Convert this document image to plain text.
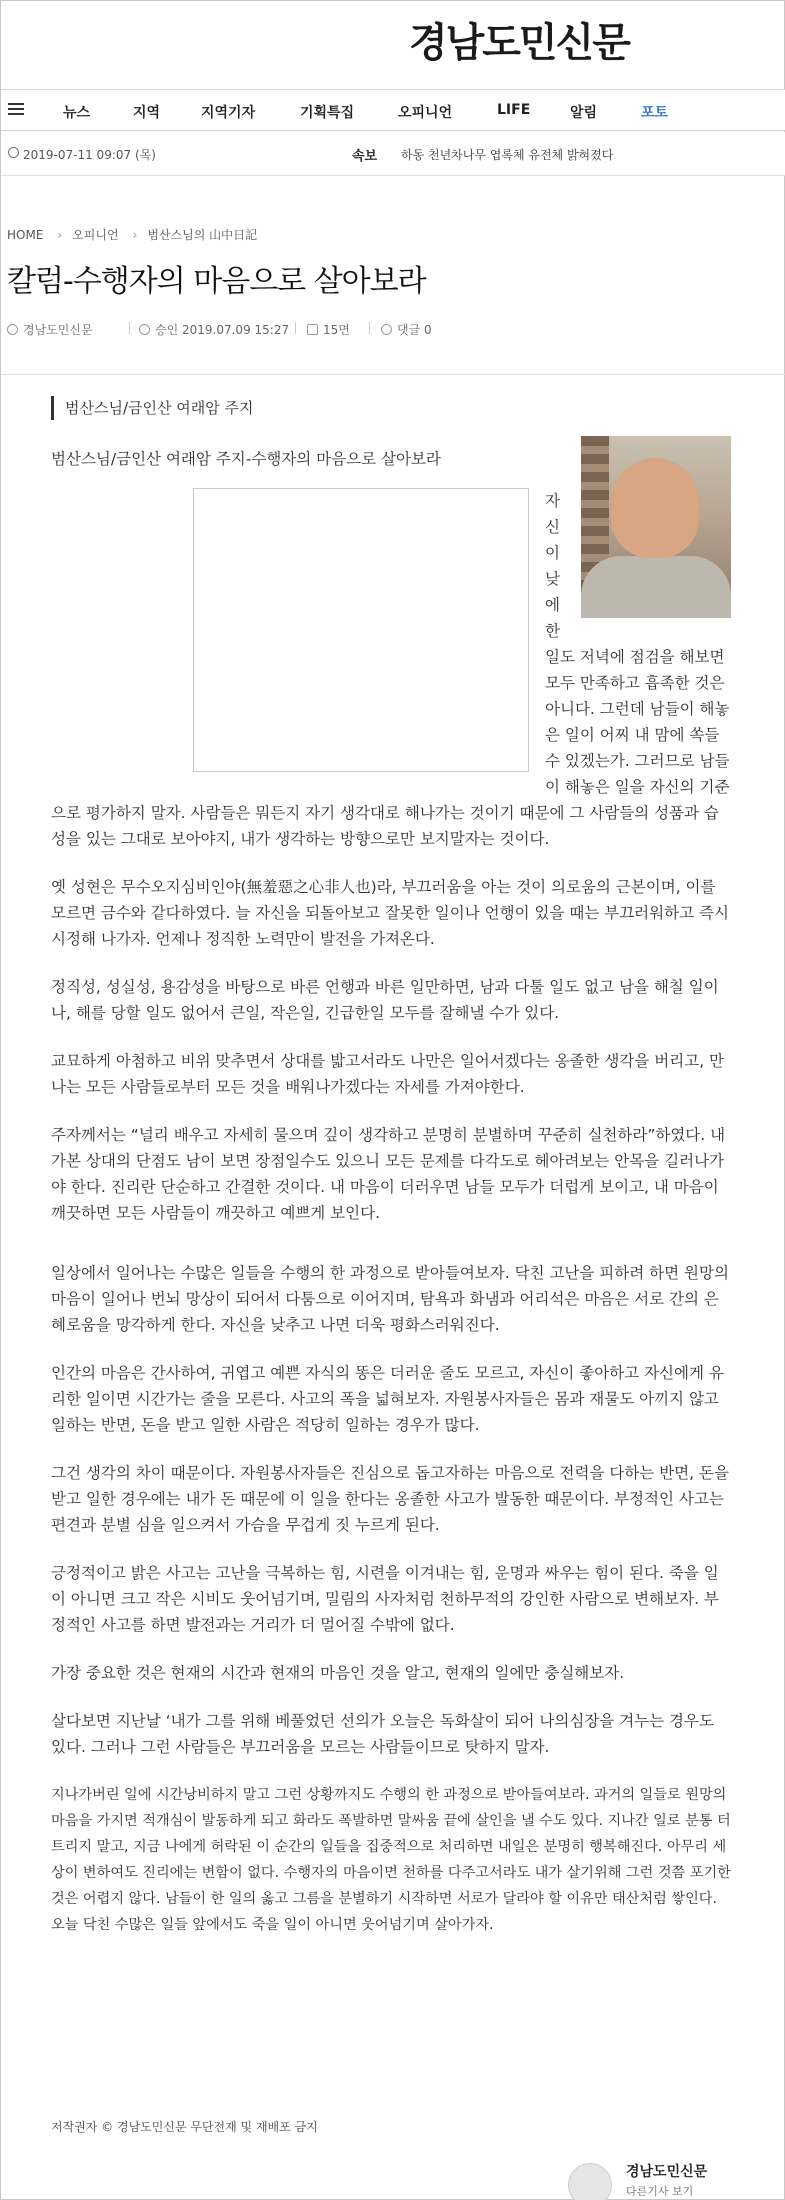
경남도민신문
뉴스	지역	지역기자	기획특집	오피니언	LIFE	알림	포토
2019-07-11 09:07 (목)	속보 하동 천년차나무 엽록체 유전체 밝혀졌다
HOME › 오피니언 › 범산스님의 山中日記
칼럼-수행자의 마음으로 살아보라
경남도민신문	승인 2019.07.09 15:27	15면	댓글 0
범산스님/금인산 여래암 주지
범산스님/금인산 여래암 주지-수행자의 마음으로 살아보라
자신이 낮에 한일도 저녁에 점검을 해보면 모두 만족하고 흡족한 것은 아니다. 그런데 남들이 해놓은 일이 어찌 내 맘에 쏙들 수 있겠는가. 그러므로 남들이 해놓은 일을 자신의 기준으로 평가하지 말자. 사람들은 뭐든지 자기 생각대로 해나가는 것이기 때문에 그 사람들의 성품과 습성을 있는 그대로 보아야지, 내가 생각하는 방향으로만 보지말자는 것이다.

옛 성현은 무수오지심비인야(無羞惡之心非人也)라, 부끄러움을 아는 것이 의로움의 근본이며, 이를 모르면 금수와 같다하였다. 늘 자신을 되돌아보고 잘못한 일이나 언행이 있을 때는 부끄러워하고 즉시 시정해 나가자. 언제나 정직한 노력만이 발전을 가져온다.

정직성, 성실성, 용감성을 바탕으로 바른 언행과 바른 일만하면, 남과 다툴 일도 없고 남을 해칠 일이나, 해를 당할 일도 없어서 큰일, 작은일, 긴급한일 모두를 잘해낼 수가 있다.

교묘하게 아첨하고 비위 맞추면서 상대를 밟고서라도 나만은 일어서겠다는 옹졸한 생각을 버리고, 만나는 모든 사람들로부터 모든 것을 배워나가겠다는 자세를 가져야한다.

주자께서는 “널리 배우고 자세히 물으며 깊이 생각하고 분명히 분별하며 꾸준히 실천하라”하였다. 내가본 상대의 단점도 남이 보면 장점일수도 있으니 모든 문제를 다각도로 헤아려보는 안목을 길러나가야 한다. 진리란 단순하고 간결한 것이다. 내 마음이 더러우면 남들 모두가 더럽게 보이고, 내 마음이 깨끗하면 모든 사람들이 깨끗하고 예쁘게 보인다.

일상에서 일어나는 수많은 일들을 수행의 한 과정으로 받아들여보자. 닥친 고난을 피하려 하면 원망의 마음이 일어나 번뇌 망상이 되어서 다툼으로 이어지며, 탐욕과 화냄과 어리석은 마음은 서로 간의 은혜로움을 망각하게 한다. 자신을 낮추고 나면 더욱 평화스러워진다.

인간의 마음은 간사하여, 귀엽고 예쁜 자식의 똥은 더러운 줄도 모르고, 자신이 좋아하고 자신에게 유리한 일이면 시간가는 줄을 모른다. 사고의 폭을 넓혀보자. 자원봉사자들은 몸과 재물도 아끼지 않고 일하는 반면, 돈을 받고 일한 사람은 적당히 일하는 경우가 많다.

그건 생각의 차이 때문이다. 자원봉사자들은 진심으로 돕고자하는 마음으로 전력을 다하는 반면, 돈을 받고 일한 경우에는 내가 돈 때문에 이 일을 한다는 옹졸한 사고가 발동한 때문이다. 부정적인 사고는 편견과 분별 심을 일으켜서 가슴을 무겁게 짓 누르게 된다.

긍정적이고 밝은 사고는 고난을 극복하는 힘, 시련을 이겨내는 힘, 운명과 싸우는 힘이 된다. 죽을 일이 아니면 크고 작은 시비도 웃어넘기며, 밀림의 사자처럼 천하무적의 강인한 사람으로 변해보자. 부정적인 사고를 하면 발전과는 거리가 더 멀어질 수밖에 없다.

가장 중요한 것은 현재의 시간과 현재의 마음인 것을 알고, 현재의 일에만 충실해보자.

살다보면 지난날 ‘내가 그를 위해 베풀었던 선의가 오늘은 독화살이 되어 나의심장을 겨누는 경우도 있다. 그러나 그런 사람들은 부끄러움을 모르는 사람들이므로 탓하지 말자.

지나가버린 일에 시간낭비하지 말고 그런 상황까지도 수행의 한 과정으로 받아들여보라. 과거의 일들로 원망의 마음을 가지면 적개심이 발동하게 되고 화라도 폭발하면 말싸움 끝에 살인을 낼 수도 있다. 지나간 일로 분통 터트리지 말고, 지금 나에게 허락된 이 순간의 일들을 집중적으로 처리하면 내일은 분명히 행복해진다. 아무리 세상이 변하여도 진리에는 변함이 없다. 수행자의 마음이면 천하를 다주고서라도 내가 살기위해 그런 것쯤 포기한 것은 어렵지 않다. 남들이 한 일의 옳고 그름을 분별하기 시작하면 서로가 달라야 할 이유만 태산처럼 쌓인다. 오늘 닥친 수많은 일들 앞에서도 죽을 일이 아니면 웃어넘기며 살아가자.

저작권자 © 경남도민신문 무단전재 및 재배포 금지
경남도민신문
다른기사 보기
